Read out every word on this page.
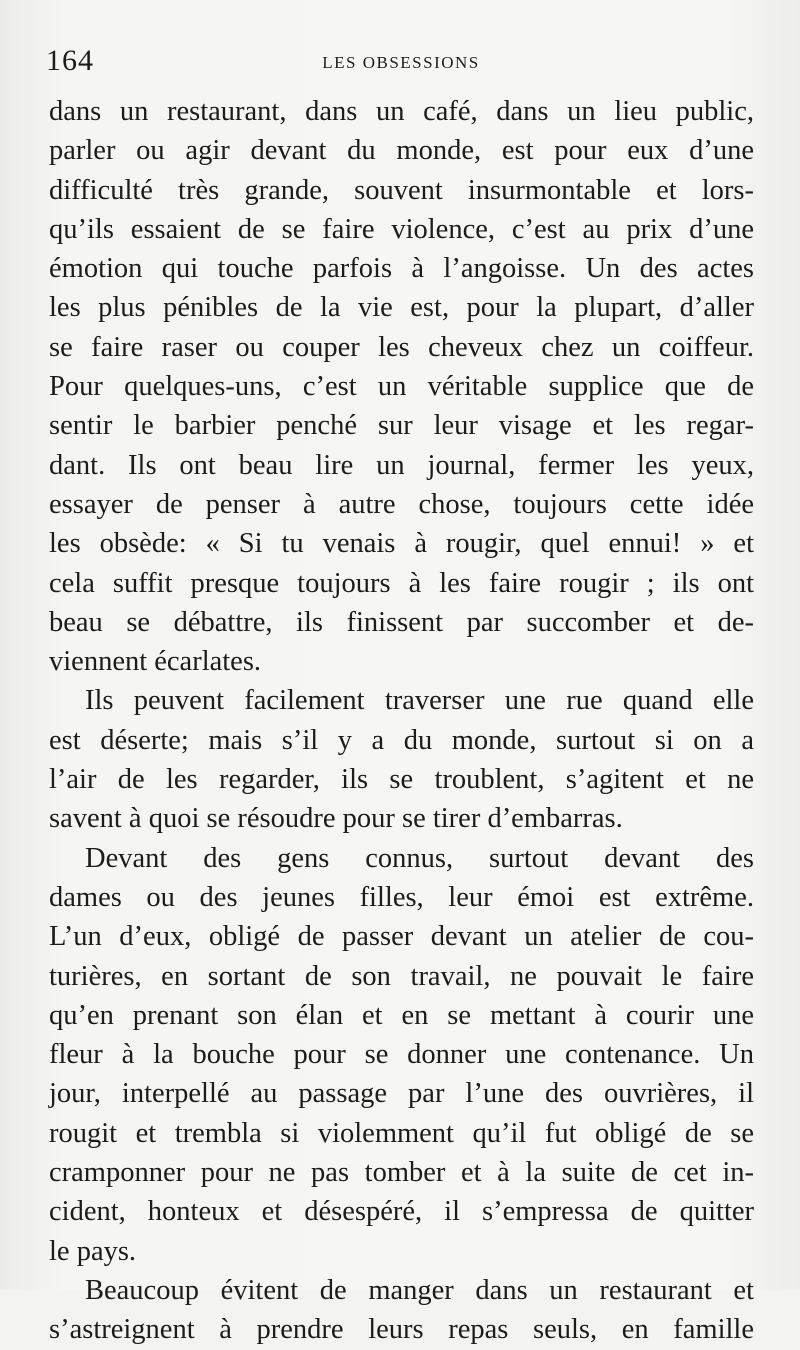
164	LES OBSESSIONS
dans un restaurant, dans un café, dans un lieu public,
parler ou agir devant du monde, est pour eux d’une
difficulté très grande, souvent insurmontable et lors-
qu’ils essaient de se faire violence, c’est au prix d’une
émotion qui touche parfois à l’angoisse. Un des actes
les plus pénibles de la vie est, pour la plupart, d’aller
se faire raser ou couper les cheveux chez un coiffeur.
Pour quelques-uns, c’est un véritable supplice que de
sentir le barbier penché sur leur visage et les regar-
dant. Ils ont beau lire un journal, fermer les yeux,
essayer de penser à autre chose, toujours cette idée
les obsède: « Si tu venais à rougir, quel ennui! » et
cela suffit presque toujours à les faire rougir ; ils ont
beau se débattre, ils finissent par succomber et de-
viennent écarlates.
Ils peuvent facilement traverser une rue quand elle
est déserte; mais s’il y a du monde, surtout si on a
l’air de les regarder, ils se troublent, s’agitent et ne
savent à quoi se résoudre pour se tirer d’embarras.
Devant des gens connus, surtout devant des
dames ou des jeunes filles, leur émoi est extrême.
L’un d’eux, obligé de passer devant un atelier de cou-
turières, en sortant de son travail, ne pouvait le faire
qu’en prenant son élan et en se mettant à courir une
fleur à la bouche pour se donner une contenance. Un
jour, interpellé au passage par l’une des ouvrières, il
rougit et trembla si violemment qu’il fut obligé de se
cramponner pour ne pas tomber et à la suite de cet in-
cident, honteux et désespéré, il s’empressa de quitter
le pays.
Beaucoup évitent de manger dans un restaurant et
s’astreignent à prendre leurs repas seuls, en famille
